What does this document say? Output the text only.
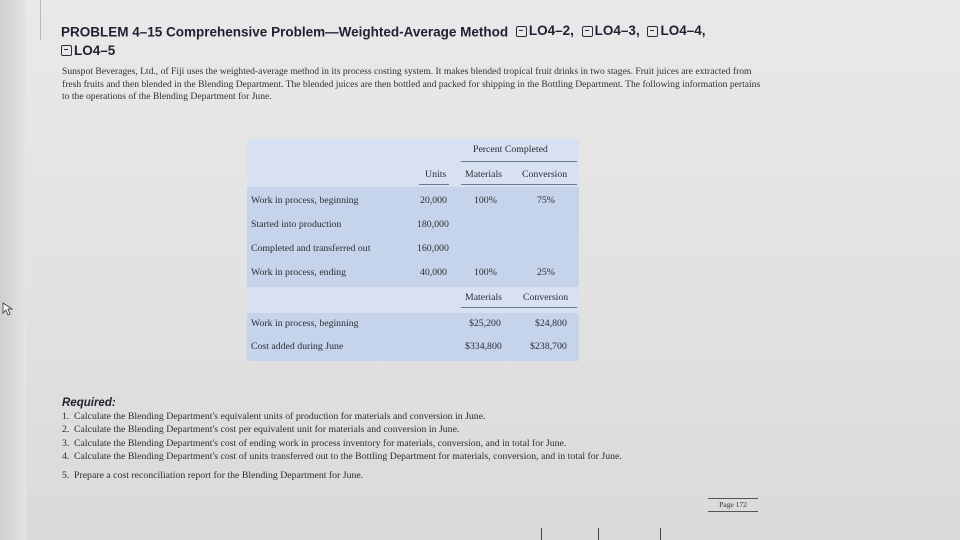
PROBLEM 4–15 Comprehensive Problem—Weighted-Average Method LO4–2,
LO4–3,
LO4–4,

LO4–5
Sunspot Beverages, Ltd., of Fiji uses the weighted-average method in its process costing system. It makes blended tropical fruit drinks in two stages. Fruit juices are extracted from fresh fruits and then blended in the Blending Department. The blended juices are then bottled and packed for shipping in the Bottling Department. The following information pertains to the operations of the Blending Department for June.
Percent Completed
Units Materials Conversion
Work in process, beginning	20,000	100%	75%
Started into production	180,000
Completed and transferred out	160,000
Work in process, ending	40,000	100%	25%
Materials Conversion
Work in process, beginning	$25,200	$24,800
Cost added during June	$334,800	$238,700
Required:
1. Calculate the Blending Department's equivalent units of production for materials and conversion in June.
2. Calculate the Blending Department's cost per equivalent unit for materials and conversion in June.
3. Calculate the Blending Department's cost of ending work in process inventory for materials, conversion, and in total for June.
4. Calculate the Blending Department's cost of units transferred out to the Bottling Department for materials, conversion, and in total for June.
5. Prepare a cost reconciliation report for the Blending Department for June.
Page 172
